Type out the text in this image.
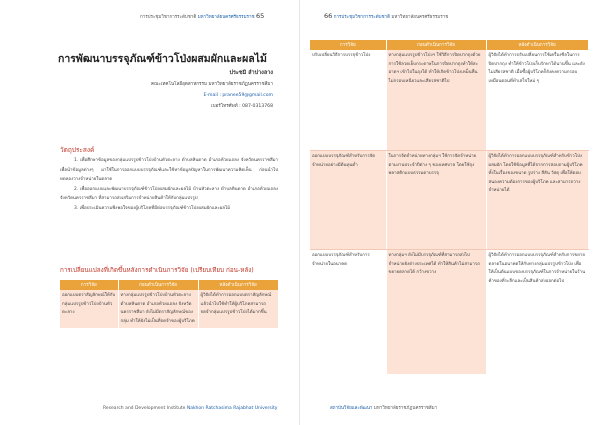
การประชุมวิชาการระดับชาติ มหาวิทยาลัยนครศรีธรรมราช 65
การพัฒนาบรรจุภัณฑ์ข้าวโป่งผสมผักและผลไม้
ประชมิ ลำปางลาง
คณะเทคโนโลยีอุตสาหกรรม มหาวิทยาลัยราชภัฏนครราชสีมา
E-mail : pranee59@gmail.com
เบอร์โทรศัพท์ : 087-0313768
วัตถุประสงค์

1. เพื่อศึกษาข้อมูลของกลุ่มแปรรูปข้าวโป่งบ้านหัวตะลาง ตำบลหินดาด อำเภอห้วยแถลง จังหวัดนครราชสีมา เพื่อนำข้อมูลต่างๆ มาใช้ในการออกแบบบรรจุภัณฑ์และใช้หาข้อมูลปัญหาในการพัฒนาความคิดเห็น ก่อนนำไปทดลองวางจำหน่ายในตลาด

2. เพื่อออกแบบและพัฒนาบรรจุภัณฑ์ข้าวโป่งผสมผักและผลไม้ บ้านหัวตะลาง ตำบลหินดาด อำเภอห้วยแถลง จังหวัดนครราชสีมา ที่สามารถส่งเสริมการจำหน่ายสินค้าให้กับกลุ่มแปรรูป

3. เพื่อประเมินความพึงพอใจของผู้บริโภคที่มีต่อบรรจุภัณฑ์ข้าวโป่งผสมผักและผลไม้

การเปลี่ยนแปลงที่เกิดขึ้นหลังการดำเนินการวิจัย (เปรียบเทียบ ก่อน-หลัง)
การวิจัย	ก่อนดำเนินการวิจัย	หลังดำเนินการวิจัย
ออกแบบตราสัญลักษณ์ให้กับกลุ่มแปรรูปข้าวโป่งบ้านหัวตะลาง	ทางกลุ่มแปรรูปข้าวโป่งบ้านหัวตะลาง ตำบลหินดาด อำเภอห้วยแถลง จังหวัดนครราชสีมา ยังไม่มีตราสัญลักษณ์ของกลุ่ม ทำให้ยังไม่เป็นที่จดจำของผู้บริโภค	ผู้วิจัยได้ทำการออกแบบตราสัญลักษณ์แล้วนำไปใช้ทำให้ผู้บริโภคสามารถจดจำกลุ่มแปรรูปข้าวโป่งได้มากขึ้น
Research and Development Institute Nakhon Ratchasima Rajabhat University
66 การประชุมวิชาการระดับชาติ มหาวิทยาลัยนครศรีธรรมราช
การวิจัย	ก่อนดำเนินการวิจัย	หลังดำเนินการวิจัย
ปรับเปลี่ยนวิธีการบรรจุข้าวโป่ง	ทางกลุ่มแปรรูปข้าวโป่งฯ ใช้วิธีการปิดปากถุงด้วยการใช้ลวดเย็บกระดาษในการปิดปากถุงทำให้สะอาดฯ เข้าไปในถุงได้ ทำให้เกิดข้าวโป่งเหม็นหืน ไม่กรอบเหนียวและเสียรสชาติไป	ผู้วิจัยได้ทำการปรับเปลี่ยนการใช้เครื่องซีลในการปิดปากถุง ทำให้ข้าวโป่งเก็บรักษาได้นานขึ้น และยังไม่เสียรสชาติ เมื่อซื้อผู้บริโภคก็ยังคงความกรอบเหมือนตอนที่ทำเสร็จใหม่ ๆ
ออกแบบบรรจุภัณฑ์สำหรับการจัดจำหน่ายอย่างมีต้นทุนต่ำ	ในการจัดจำหน่ายทางกลุ่มฯ ใช้การจัดจำหน่ายตามงานประจำปีต่าง ๆ ของเทศบาล โดยใช้ถุงพลาสติกแบบธรรมดาบรรจุ	ผู้วิจัยได้ทำการออกแบบบรรจุภัณฑ์สำหรับข้าวโป่งผสมผัก โดยใช้ข้อมูลที่ได้จากการสอบถามผู้บริโภค ทั้งในเรื่องของขนาด รูปร่าง สีสัน วัสดุ เพื่อให้ตอบสนองความต้องการของผู้บริโภค และสามารถวางจำหน่ายได้
ออกแบบบรรจุภัณฑ์สำหรับการจำหน่ายในอนาคต	ทางกลุ่มฯ ยังไม่มีบรรจุภัณฑ์ที่สามารถส่งไปจำหน่ายยังต่างประเทศได้ ทำให้สินค้าไม่สามารถขยายตลาดได้ กว้างขวาง	ผู้วิจัยได้ทำการออกแบบบรรจุภัณฑ์สำหรับการขยายตลาดในอนาคตให้กับทางกลุ่มแปรรูปข้าวโป่ง เพื่อให้เป็นต้นแบบของบรรจุภัณฑ์ในการจำหน่ายในร้านค้าของที่ระลึกและเป็นสินค้าส่งออกต่อไป
สถาบันวิจัยและพัฒนา มหาวิทยาลัยราชภัฏนครราชสีมา
